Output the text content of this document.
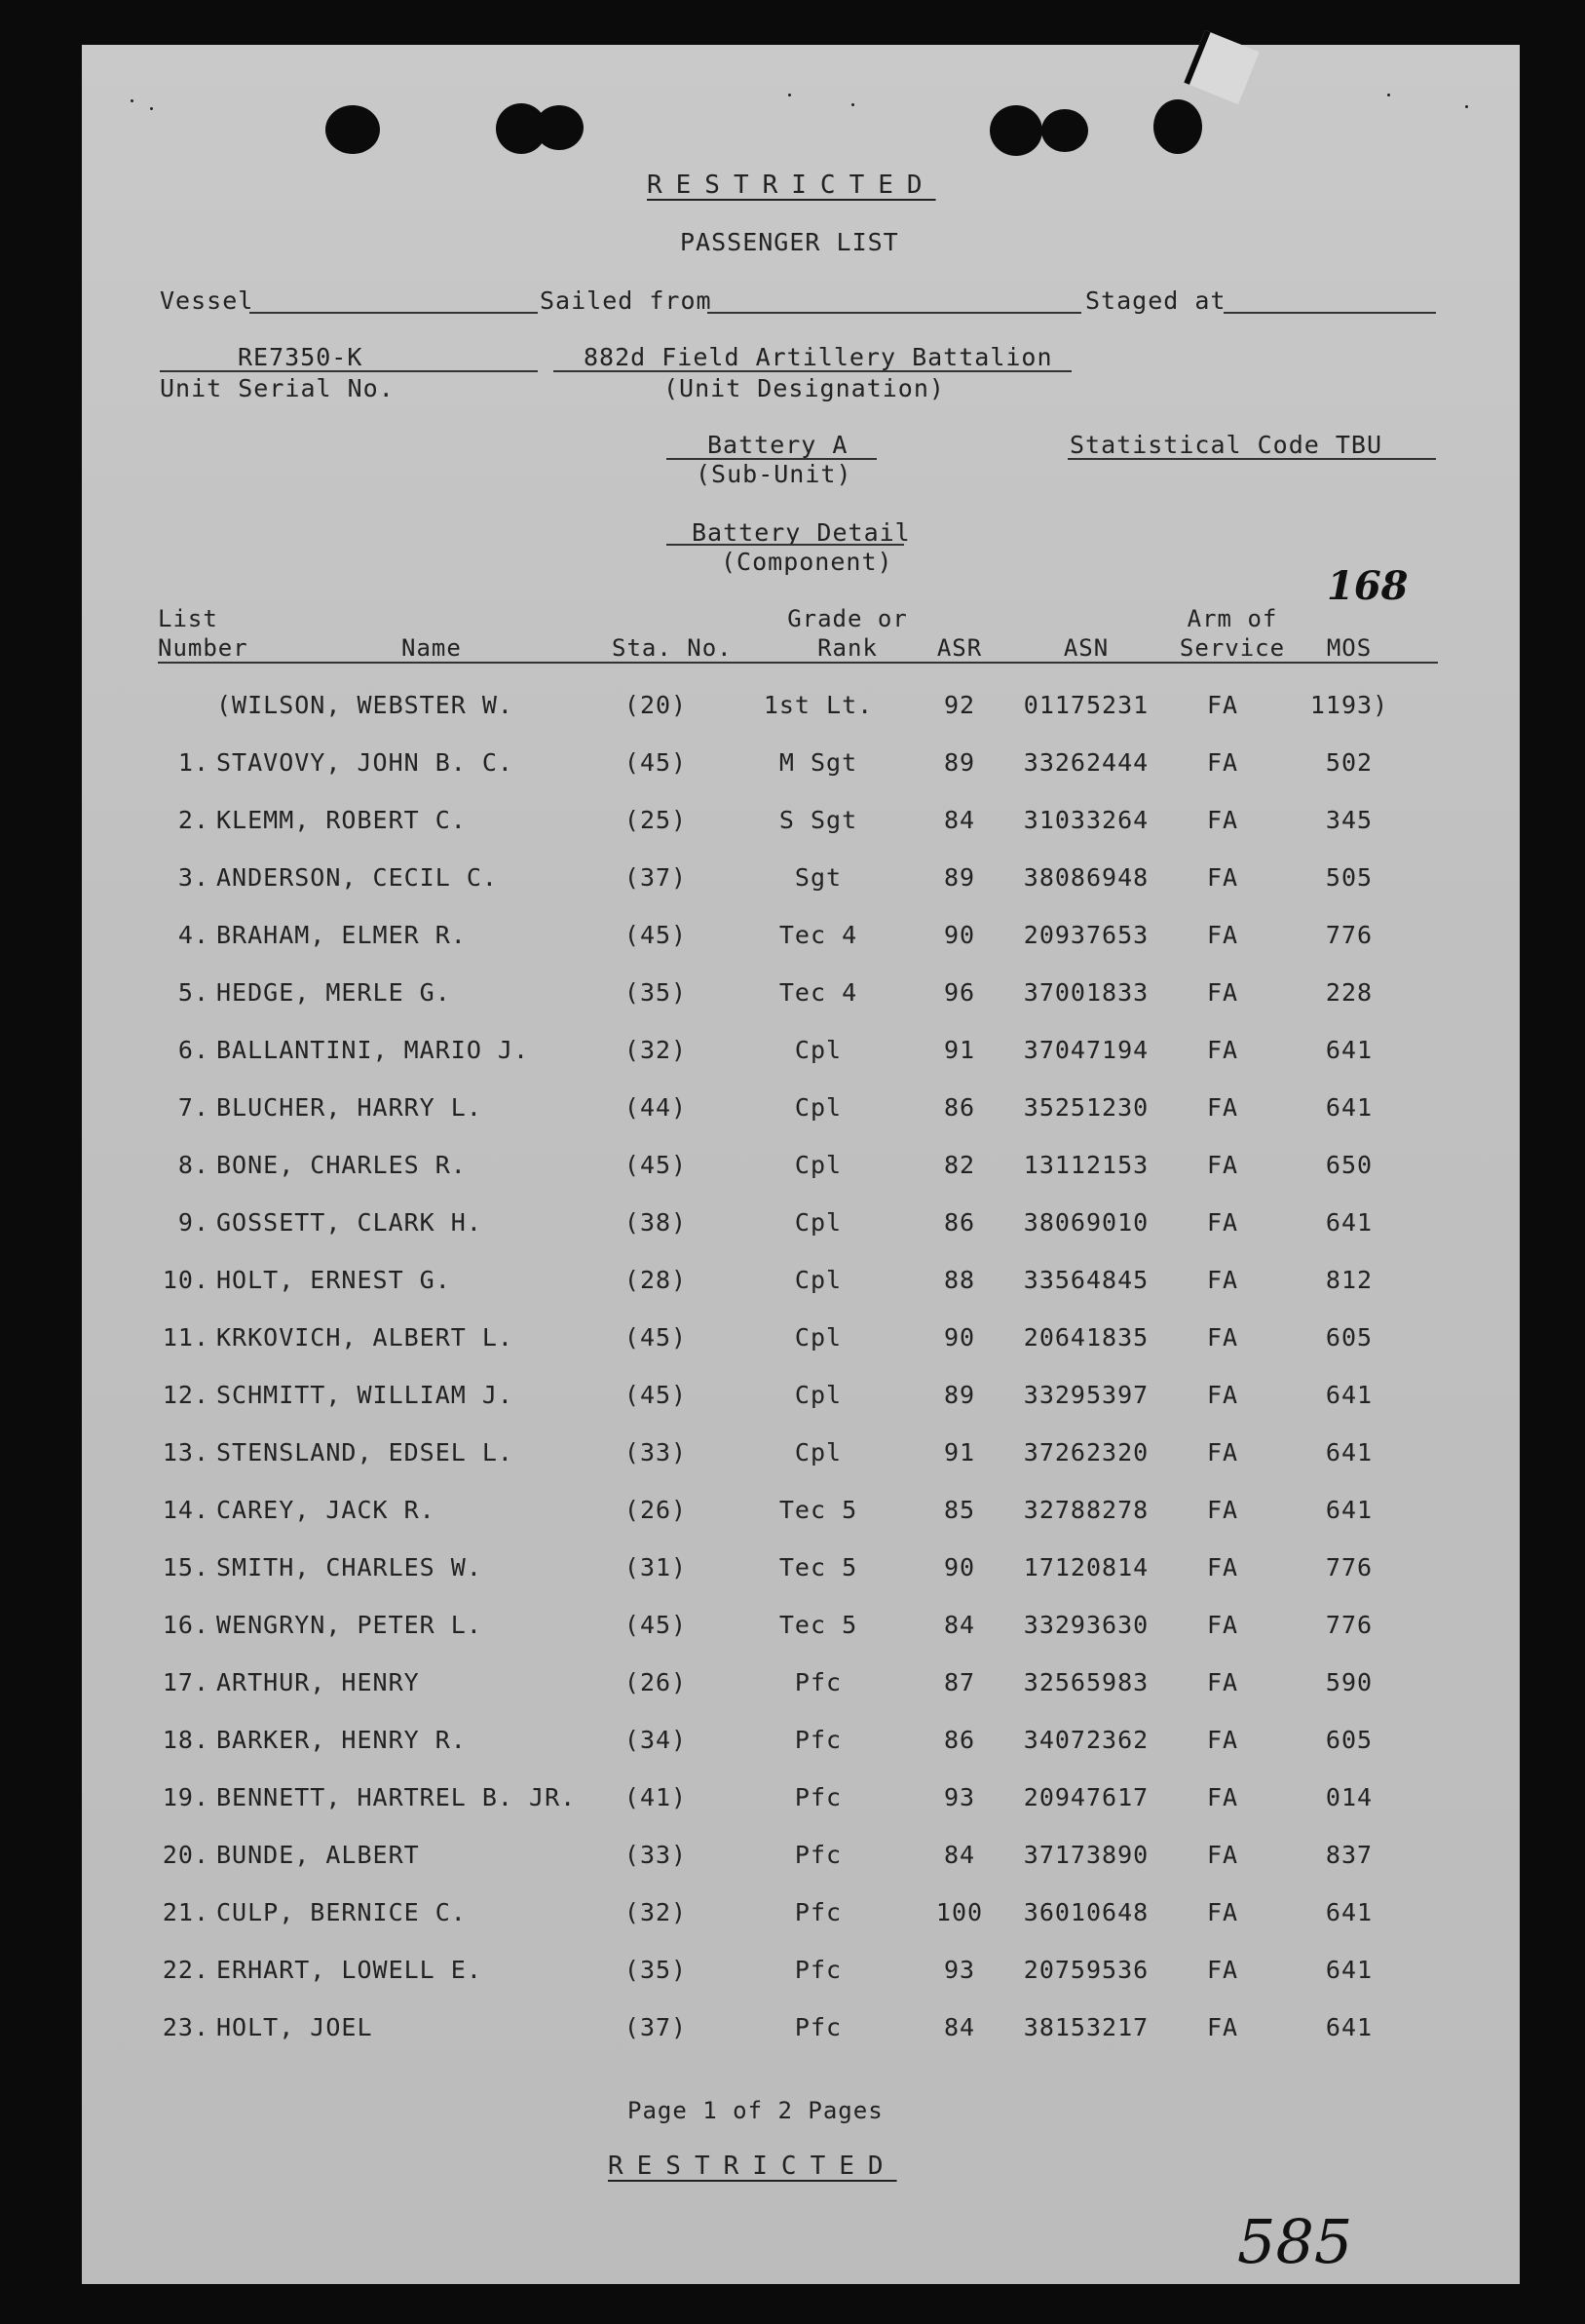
RESTRICTED
PASSENGER LIST
Vessel	Sailed from	Staged at
RE7350-K
Unit Serial No.
882d Field Artillery Battalion
(Unit Designation)
Battery A
(Sub-Unit)
Statistical Code TBU
Battery Detail
(Component)
168
List
Number	Name	Sta. No.
Grade or
Rank	ASR	ASN
Arm of
Service	MOS
(WILSON, WEBSTER W.	(20)	1st Lt.	92	01175231	FA	1193)
1. STAVOVY, JOHN B. C.	(45)	M Sgt	89	33262444	FA	502
2. KLEMM, ROBERT C.	(25)	S Sgt	84	31033264	FA	345
3. ANDERSON, CECIL C.	(37)	Sgt	89	38086948	FA	505
4. BRAHAM, ELMER R.	(45)	Tec 4	90	20937653	FA	776
5. HEDGE, MERLE G.	(35)	Tec 4	96	37001833	FA	228
6. BALLANTINI, MARIO J.	(32)	Cpl	91	37047194	FA	641
7. BLUCHER, HARRY L.	(44)	Cpl	86	35251230	FA	641
8. BONE, CHARLES R.	(45)	Cpl	82	13112153	FA	650
9. GOSSETT, CLARK H.	(38)	Cpl	86	38069010	FA	641
10. HOLT, ERNEST G.	(28)	Cpl	88	33564845	FA	812
11. KRKOVICH, ALBERT L.	(45)	Cpl	90	20641835	FA	605
12. SCHMITT, WILLIAM J.	(45)	Cpl	89	33295397	FA	641
13. STENSLAND, EDSEL L.	(33)	Cpl	91	37262320	FA	641
14. CAREY, JACK R.	(26)	Tec 5	85	32788278	FA	641
15. SMITH, CHARLES W.	(31)	Tec 5	90	17120814	FA	776
16. WENGRYN, PETER L.	(45)	Tec 5	84	33293630	FA	776
17. ARTHUR, HENRY	(26)	Pfc	87	32565983	FA	590
18. BARKER, HENRY R.	(34)	Pfc	86	34072362	FA	605
19. BENNETT, HARTREL B. JR.	(41)	Pfc	93	20947617	FA	014
20. BUNDE, ALBERT	(33)	Pfc	84	37173890	FA	837
21. CULP, BERNICE C.	(32)	Pfc	100	36010648	FA	641
22. ERHART, LOWELL E.	(35)	Pfc	93	20759536	FA	641
23. HOLT, JOEL	(37)	Pfc	84	38153217	FA	641
Page 1 of 2 Pages
RESTRICTED
585
